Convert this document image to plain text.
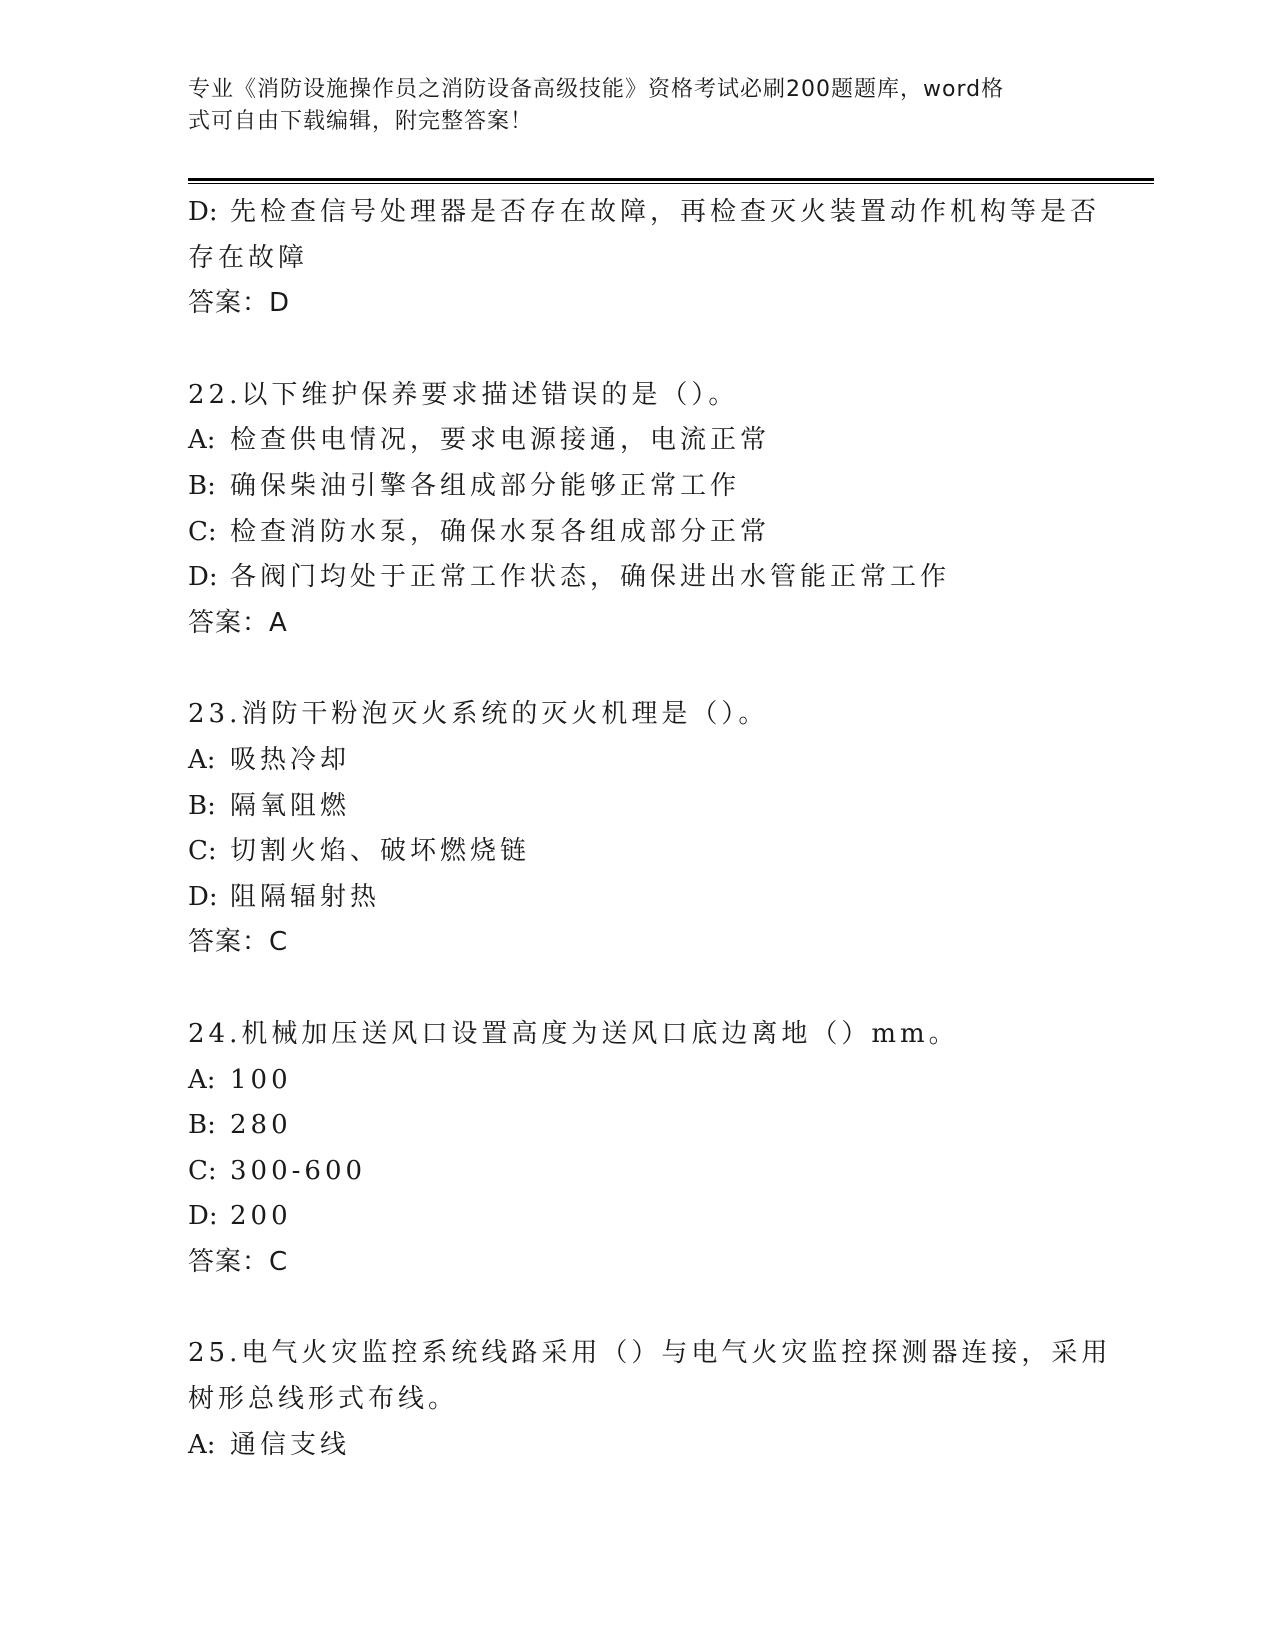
专业《消防设施操作员之消防设备高级技能》资格考试必刷200题题库，word格
式可自由下载编辑，附完整答案！
D: 先检查信号处理器是否存在故障，再检查灭火装置动作机构等是否
存在故障
答案：D
22.以下维护保养要求描述错误的是（）。
A: 检查供电情况，要求电源接通，电流正常
B: 确保柴油引擎各组成部分能够正常工作
C: 检查消防水泵，确保水泵各组成部分正常
D: 各阀门均处于正常工作状态，确保进出水管能正常工作
答案：A
23.消防干粉泡灭火系统的灭火机理是（）。
A: 吸热冷却
B: 隔氧阻燃
C: 切割火焰、破坏燃烧链
D: 阻隔辐射热
答案：C
24.机械加压送风口设置高度为送风口底边离地（）mm。
A: 100
B: 280
C: 300-600
D: 200
答案：C
25.电气火灾监控系统线路采用（）与电气火灾监控探测器连接，采用
树形总线形式布线。
A: 通信支线
